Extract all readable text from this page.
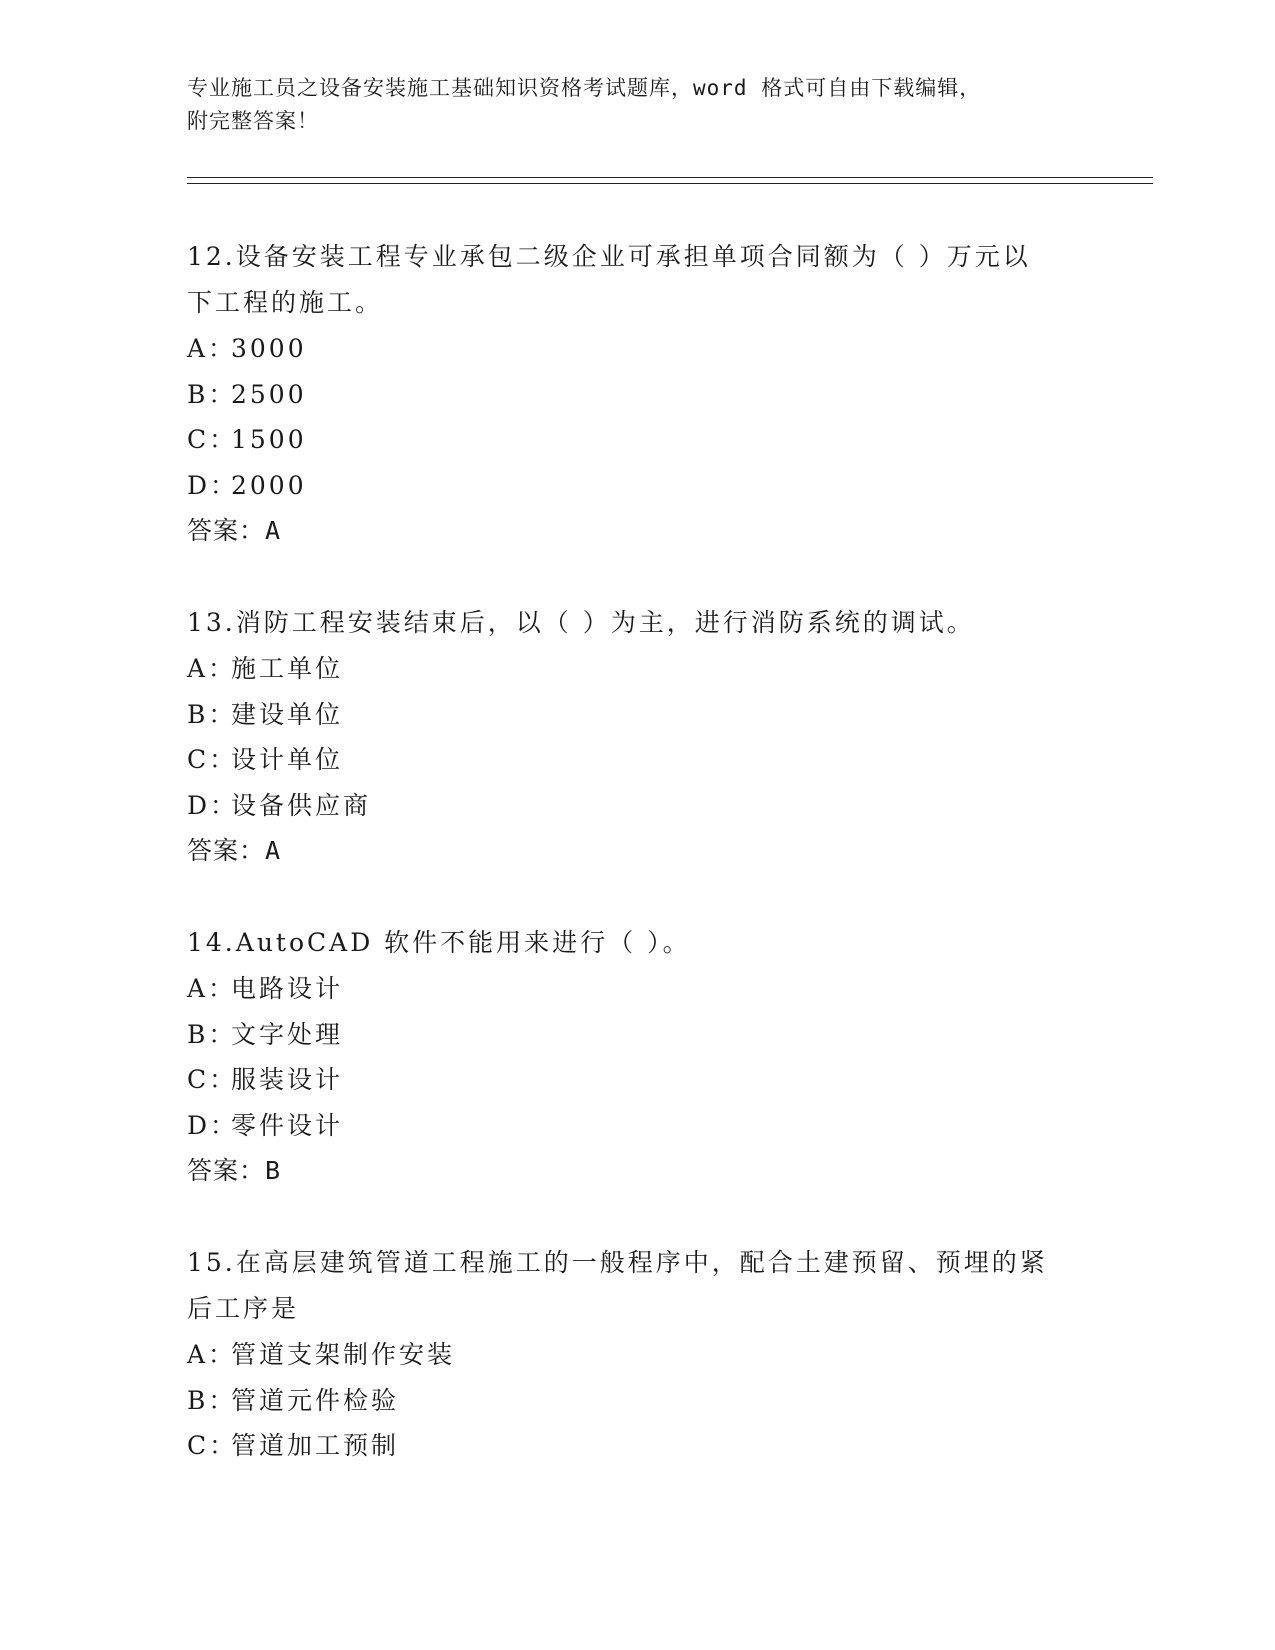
专业施工员之设备安装施工基础知识资格考试题库，word 格式可自由下载编辑，
附完整答案！
12.设备安装工程专业承包二级企业可承担单项合同额为（ ）万元以
下工程的施工。
A：3000
B：2500
C：1500
D：2000
答案：A
13.消防工程安装结束后，以（ ）为主，进行消防系统的调试。
A：施工单位
B：建设单位
C：设计单位
D：设备供应商
答案：A
14.AutoCAD 软件不能用来进行（ ）。
A：电路设计
B：文字处理
C：服装设计
D：零件设计
答案：B
15.在高层建筑管道工程施工的一般程序中，配合土建预留、预埋的紧
后工序是
A：管道支架制作安装
B：管道元件检验
C：管道加工预制
